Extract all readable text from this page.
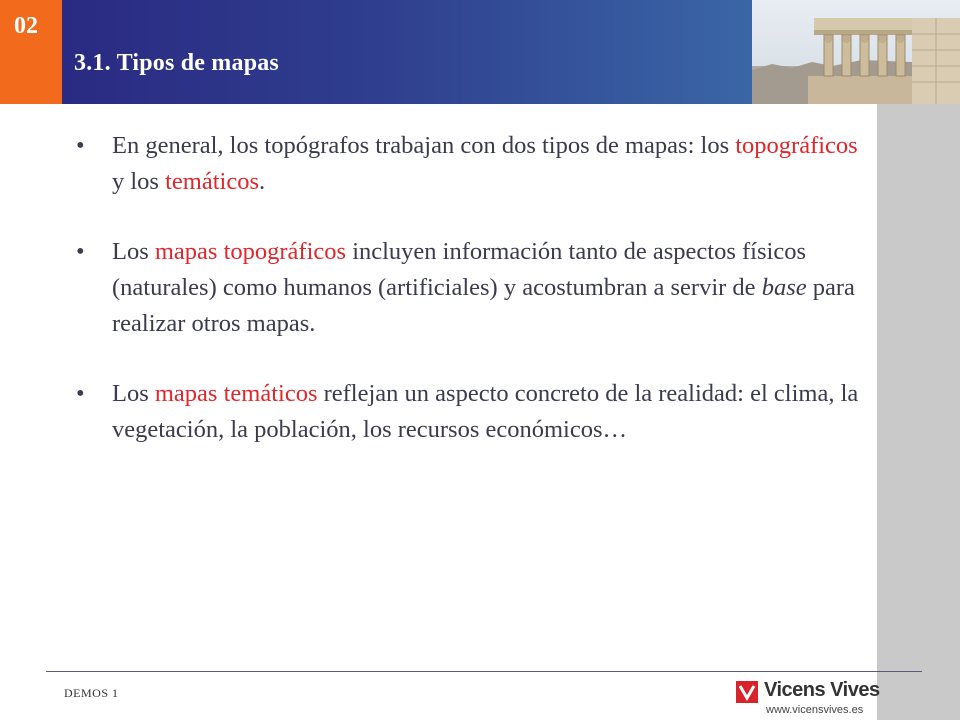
02
3.1. Tipos de mapas
• En general, los topógrafos trabajan con dos tipos de mapas: los topográficos y los temáticos.
• Los mapas topográficos incluyen información tanto de aspectos físicos (naturales) como humanos (artificiales) y acostumbran a servir de base para realizar otros mapas.
• Los mapas temáticos reflejan un aspecto concreto de la realidad: el clima, la vegetación, la población, los recursos económicos…
DEMOS 1	Vicens Vives
www.vicensvives.es
